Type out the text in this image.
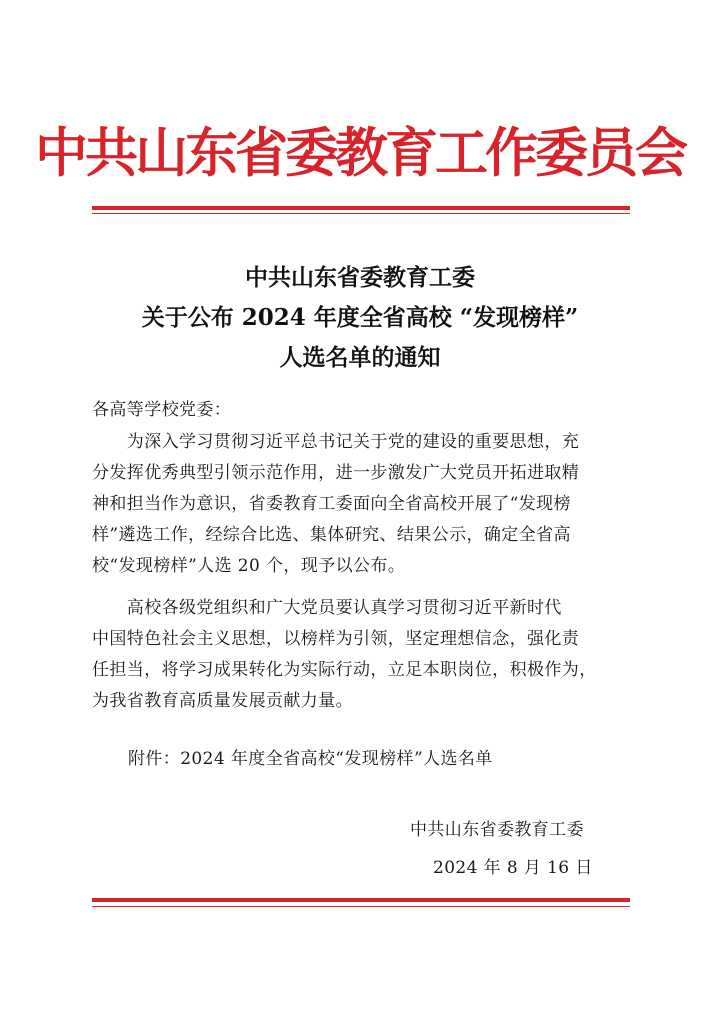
中共山东省委教育工作委员会
中共山东省委教育工委
关于公布 2024 年度全省高校 “发现榜样”
人选名单的通知
各高等学校党委：
　　为深入学习贯彻习近平总书记关于党的建设的重要思想，充
分发挥优秀典型引领示范作用，进一步激发广大党员开拓进取精
神和担当作为意识，省委教育工委面向全省高校开展了“发现榜
样”遴选工作，经综合比选、集体研究、结果公示，确定全省高
校“发现榜样”人选 20 个，现予以公布。
　　高校各级党组织和广大党员要认真学习贯彻习近平新时代
中国特色社会主义思想，以榜样为引领，坚定理想信念，强化责
任担当，将学习成果转化为实际行动，立足本职岗位，积极作为，
为我省教育高质量发展贡献力量。
附件：2024 年度全省高校“发现榜样”人选名单
中共山东省委教育工委
2024 年 8 月 16 日
